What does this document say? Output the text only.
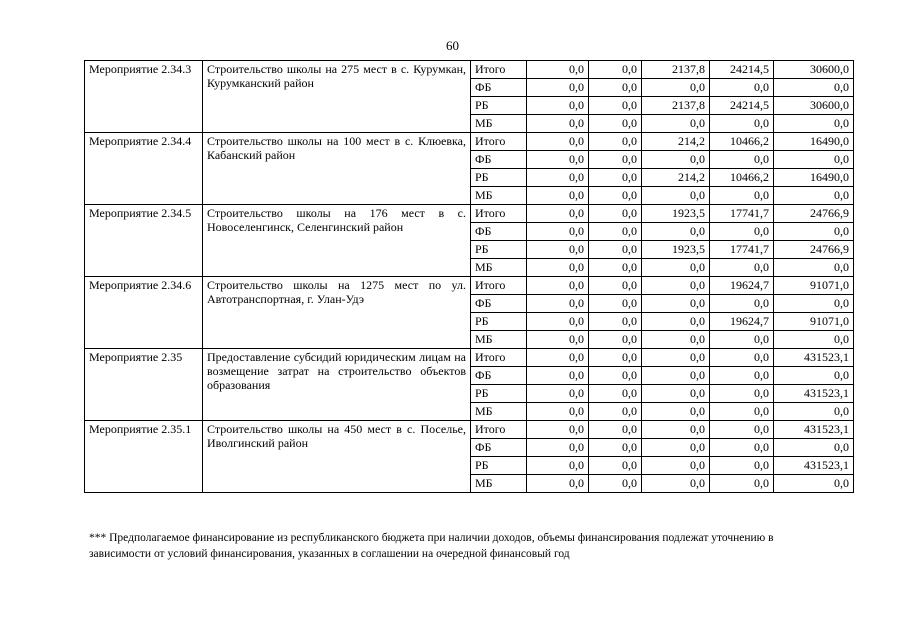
60
Мероприятие 2.34.3	Строительство школы на 275 мест в с. Курумкан, Курумканский район	Итого	0,0	0,0	2137,8	24214,5	30600,0
		ФБ	0,0	0,0	0,0	0,0	0,0
		РБ	0,0	0,0	2137,8	24214,5	30600,0
		МБ	0,0	0,0	0,0	0,0	0,0
Мероприятие 2.34.4	Строительство школы на 100 мест в с. Клюевка, Кабанский район	Итого	0,0	0,0	214,2	10466,2	16490,0
		ФБ	0,0	0,0	0,0	0,0	0,0
		РБ	0,0	0,0	214,2	10466,2	16490,0
		МБ	0,0	0,0	0,0	0,0	0,0
Мероприятие 2.34.5	Строительство школы на 176 мест в с. Новоселенгинск, Селенгинский район	Итого	0,0	0,0	1923,5	17741,7	24766,9
		ФБ	0,0	0,0	0,0	0,0	0,0
		РБ	0,0	0,0	1923,5	17741,7	24766,9
		МБ	0,0	0,0	0,0	0,0	0,0
Мероприятие 2.34.6	Строительство школы на 1275 мест по ул. Автотранспортная, г. Улан-Удэ	Итого	0,0	0,0	0,0	19624,7	91071,0
		ФБ	0,0	0,0	0,0	0,0	0,0
		РБ	0,0	0,0	0,0	19624,7	91071,0
		МБ	0,0	0,0	0,0	0,0	0,0
Мероприятие 2.35	Предоставление субсидий юридическим лицам на возмещение затрат на строительство объектов образования	Итого	0,0	0,0	0,0	0,0	431523,1
		ФБ	0,0	0,0	0,0	0,0	0,0
		РБ	0,0	0,0	0,0	0,0	431523,1
		МБ	0,0	0,0	0,0	0,0	0,0
Мероприятие 2.35.1	Строительство школы на 450 мест в с. Поселье, Иволгинский район	Итого	0,0	0,0	0,0	0,0	431523,1
		ФБ	0,0	0,0	0,0	0,0	0,0
		РБ	0,0	0,0	0,0	0,0	431523,1
		МБ	0,0	0,0	0,0	0,0	0,0
*** Предполагаемое финансирование из республиканского бюджета при наличии доходов, объемы финансирования подлежат уточнению в зависимости от условий финансирования, указанных в соглашении на очередной финансовый год
